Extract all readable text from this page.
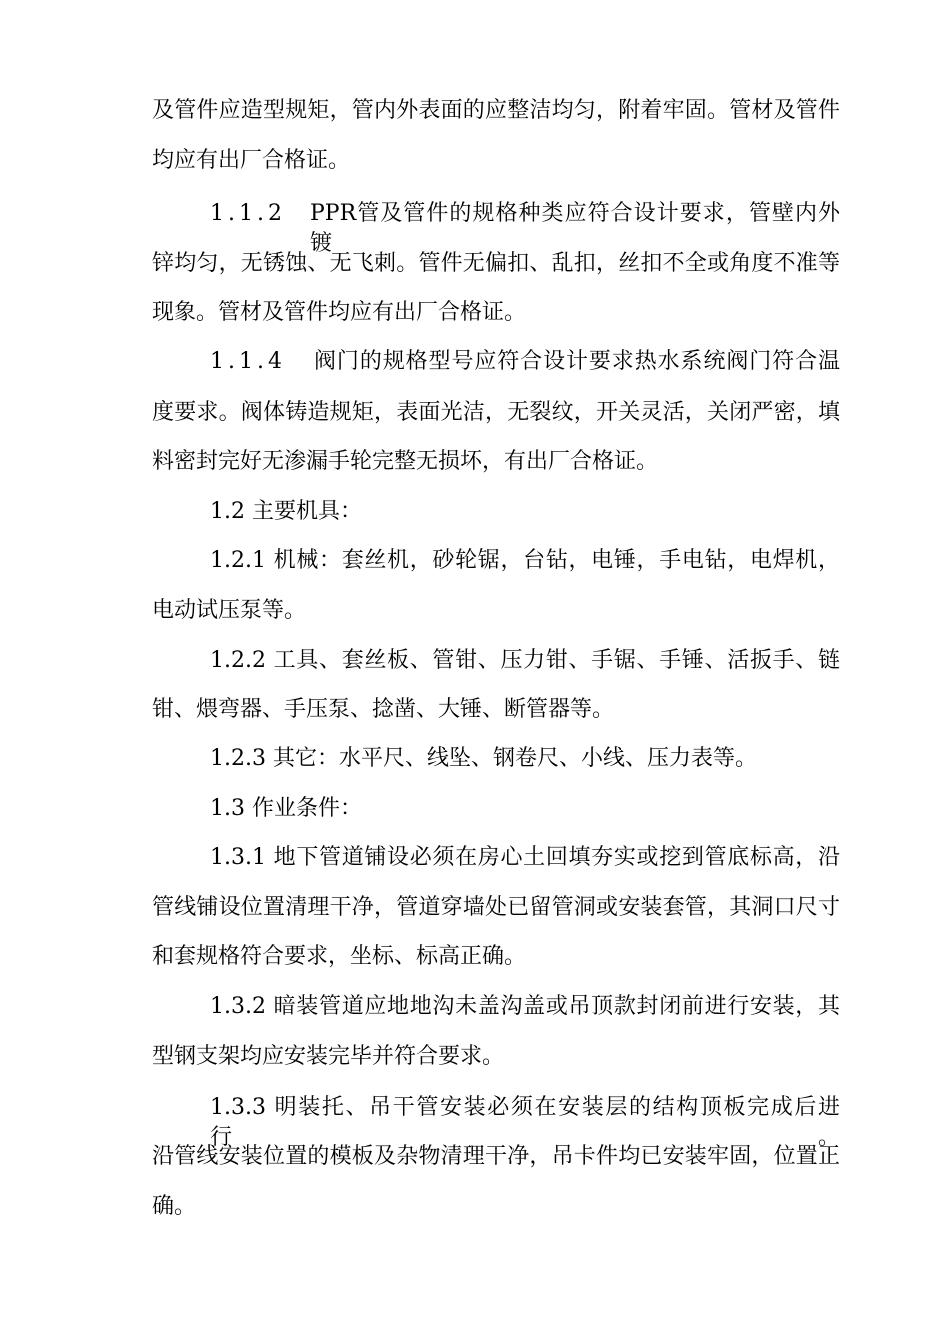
及管件应造型规矩，管内外表面的应整洁均匀，附着牢固。管材及管件

均应有出厂合格证。

1.1.2

PPR管及管件的规格种类应符合设计要求，管壁内外镀

锌均匀，无锈蚀、无飞刺。管件无偏扣、乱扣，丝扣不全或角度不准等

现象。管材及管件均应有出厂合格证。

1.1.4

阀门的规格型号应符合设计要求热水系统阀门符合温

度要求。阀体铸造规矩，表面光洁，无裂纹，开关灵活，关闭严密，填

料密封完好无渗漏手轮完整无损坏，有出厂合格证。

1.2 主要机具：

1.2.1 机械：套丝机，砂轮锯，台钻，电锤，手电钻，电焊机，

电动试压泵等。

1.2.2 工具、套丝板、管钳、压力钳、手锯、手锤、活扳手、链

钳、煨弯器、手压泵、捻凿、大锤、断管器等。

1.2.3 其它：水平尺、线坠、钢卷尺、小线、压力表等。

1.3 作业条件：

1.3.1 地下管道铺设必须在房心土回填夯实或挖到管底标高，沿

管线铺设位置清理干净，管道穿墙处已留管洞或安装套管，其洞口尺寸

和套规格符合要求，坐标、标高正确。

1.3.2 暗装管道应地地沟未盖沟盖或吊顶款封闭前进行安装，其

型钢支架均应安装完毕并符合要求。

1.3.3 明装托、吊干管安装必须在安装层的结构顶板完成后进行。

沿管线安装位置的模板及杂物清理干净，吊卡件均已安装牢固，位置正

确。
